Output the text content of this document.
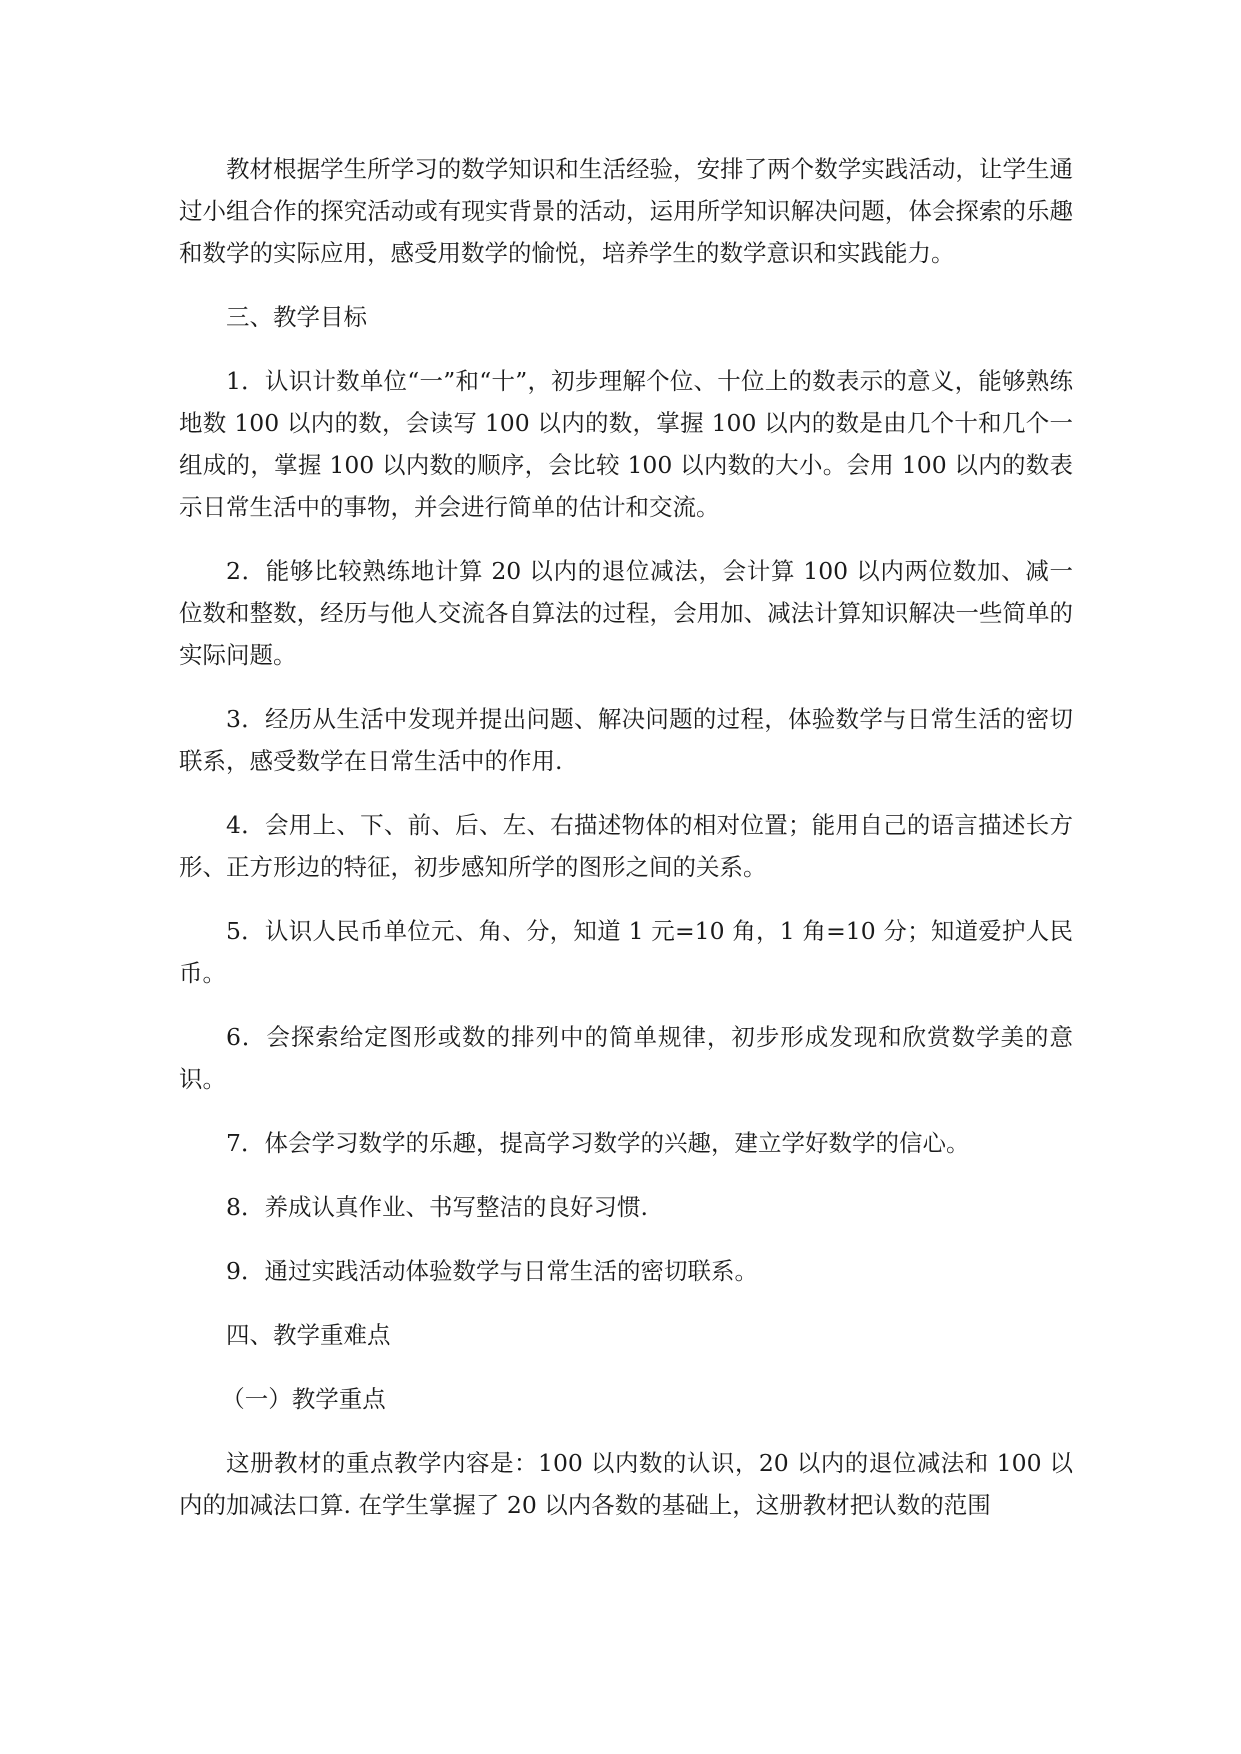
教材根据学生所学习的数学知识和生活经验，安排了两个数学实践活动，让学生通过小组合作的探究活动或有现实背景的活动，运用所学知识解决问题，体会探索的乐趣和数学的实际应用，感受用数学的愉悦，培养学生的数学意识和实践能力。

三、教学目标

1．认识计数单位“一”和“十”，初步理解个位、十位上的数表示的意义，能够熟练地数 100 以内的数，会读写 100 以内的数，掌握 100 以内的数是由几个十和几个一组成的，掌握 100 以内数的顺序，会比较 100 以内数的大小。会用 100 以内的数表示日常生活中的事物，并会进行简单的估计和交流。

2．能够比较熟练地计算 20 以内的退位减法，会计算 100 以内两位数加、减一位数和整数，经历与他人交流各自算法的过程，会用加、减法计算知识解决一些简单的实际问题。

3．经历从生活中发现并提出问题、解决问题的过程，体验数学与日常生活的密切联系，感受数学在日常生活中的作用.

4．会用上、下、前、后、左、右描述物体的相对位置；能用自己的语言描述长方形、正方形边的特征，初步感知所学的图形之间的关系。

5．认识人民币单位元、角、分，知道 1 元=10 角，1 角=10 分；知道爱护人民币。

6．会探索给定图形或数的排列中的简单规律，初步形成发现和欣赏数学美的意识。

7．体会学习数学的乐趣，提高学习数学的兴趣，建立学好数学的信心。

8．养成认真作业、书写整洁的良好习惯.

9．通过实践活动体验数学与日常生活的密切联系。

四、教学重难点

（一）教学重点

这册教材的重点教学内容是：100 以内数的认识，20 以内的退位减法和 100 以内的加减法口算. 在学生掌握了 20 以内各数的基础上，这册教材把认数的范围
